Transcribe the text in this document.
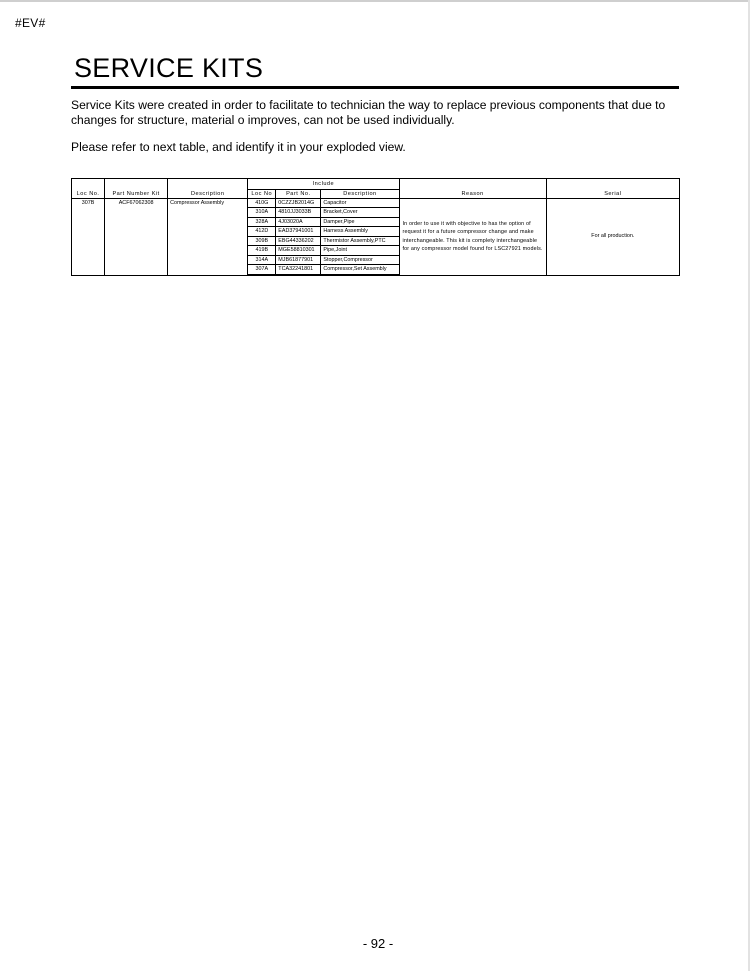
#EV#
SERVICE KITS

Service Kits were created in order to facilitate to technician the way to replace previous components that due to changes for structure, material o improves, can not be used individually.

Please refer to next table, and identify it in your exploded view.

			Include				
Loc No.	Part Number Kit	Description	Loc No	Part No.	Description	Reason	Serial
307B	ACF67062308	Compressor Assembly	410G	0CZZJB2014G	Capacitor	In order to use it with objective to has the option of request it for a future compressor change and make interchangeable. This kit is complety interchangeable for any compressor model found for LSC27921 models.	For all production.
			310A	4810JJ3033B	Bracket,Cover		
			328A	4J03020A	Damper,Pipe		
			412D	EAD37941001	Harness Assembly		
			309B	EBG44336202	Thermistor Assembly,PTC		
			419B	MGE58810301	Pipe,Joint		
			314A	MJB61877901	Stopper,Compressor		
			307A	TCA32241801	Compressor,Set Assembly		

- 92 -
